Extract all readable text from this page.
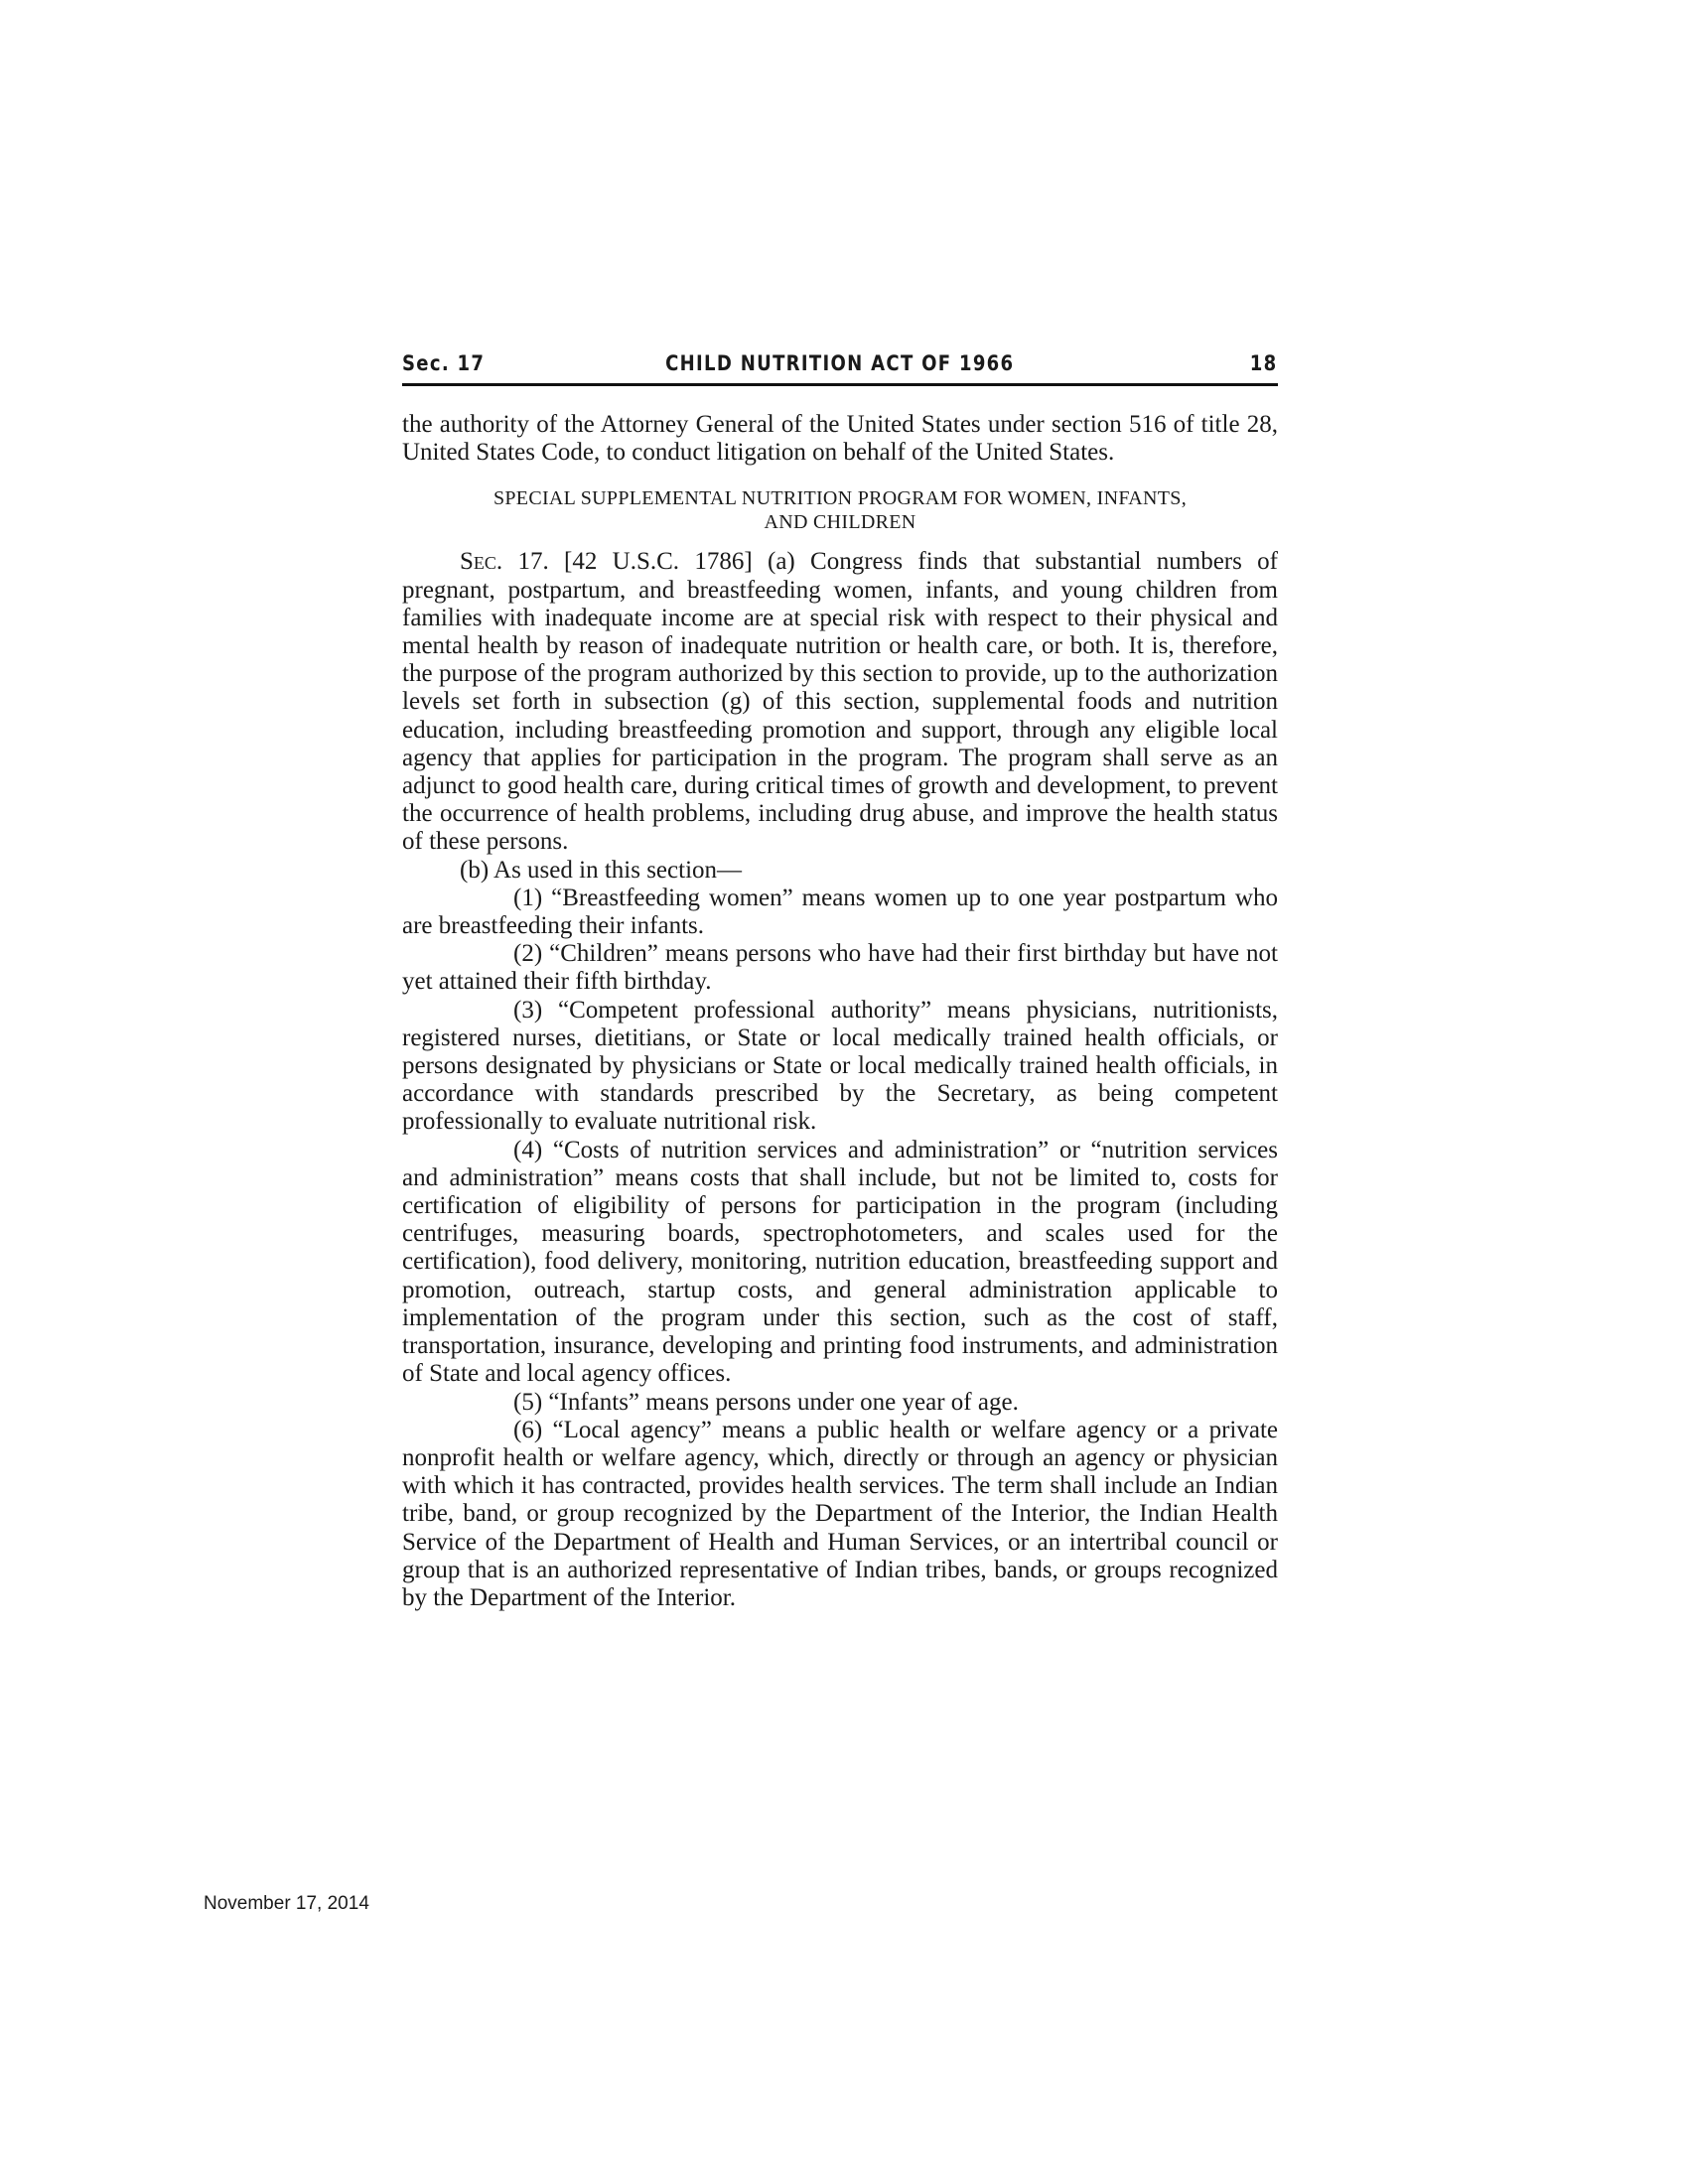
Sec. 17	CHILD NUTRITION ACT OF 1966	18

the authority of the Attorney General of the United States under section 516 of title 28, United States Code, to conduct litigation on behalf of the United States.

SPECIAL SUPPLEMENTAL NUTRITION PROGRAM FOR WOMEN, INFANTS,
AND CHILDREN

Sec. 17. [42 U.S.C. 1786] (a) Congress finds that substantial numbers of pregnant, postpartum, and breastfeeding women, infants, and young children from families with inadequate income are at special risk with respect to their physical and mental health by reason of inadequate nutrition or health care, or both. It is, therefore, the purpose of the program authorized by this section to provide, up to the authorization levels set forth in subsection (g) of this section, supplemental foods and nutrition education, including breastfeeding promotion and support, through any eligible local agency that applies for participation in the program. The program shall serve as an adjunct to good health care, during critical times of growth and development, to prevent the occurrence of health problems, including drug abuse, and improve the health status of these persons.

(b) As used in this section—

(1) “Breastfeeding women” means women up to one year postpartum who are breastfeeding their infants.

(2) “Children” means persons who have had their first birthday but have not yet attained their fifth birthday.

(3) “Competent professional authority” means physicians, nutritionists, registered nurses, dietitians, or State or local medically trained health officials, or persons designated by physicians or State or local medically trained health officials, in accordance with standards prescribed by the Secretary, as being competent professionally to evaluate nutritional risk.

(4) “Costs of nutrition services and administration” or “nutrition services and administration” means costs that shall include, but not be limited to, costs for certification of eligibility of persons for participation in the program (including centrifuges, measuring boards, spectrophotometers, and scales used for the certification), food delivery, monitoring, nutrition education, breastfeeding support and promotion, outreach, startup costs, and general administration applicable to implementation of the program under this section, such as the cost of staff, transportation, insurance, developing and printing food instruments, and administration of State and local agency offices.

(5) “Infants” means persons under one year of age.

(6) “Local agency” means a public health or welfare agency or a private nonprofit health or welfare agency, which, directly or through an agency or physician with which it has contracted, provides health services. The term shall include an Indian tribe, band, or group recognized by the Department of the Interior, the Indian Health Service of the Department of Health and Human Services, or an intertribal council or group that is an authorized representative of Indian tribes, bands, or groups recognized by the Department of the Interior.

November 17, 2014
